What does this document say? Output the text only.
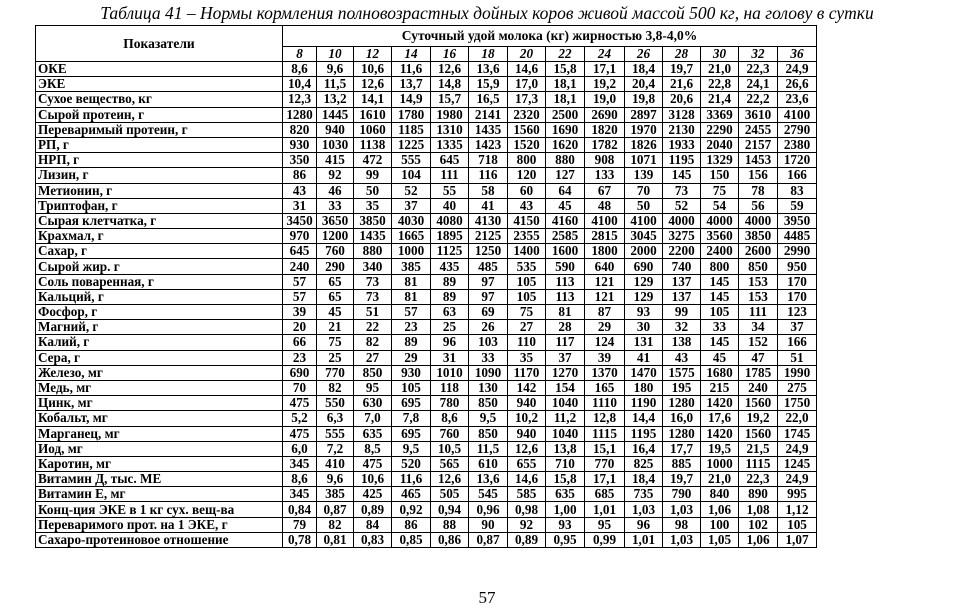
Таблица 41 – Нормы кормления полновозрастных дойных коров живой массой 500 кг, на голову в сутки
Показатели	Суточный удой молока (кг) жирностью 3,8-4,0%													
	8	10	12	14	16	18	20	22	24	26	28	30	32	36
ОКЕ	8,6	9,6	10,6	11,6	12,6	13,6	14,6	15,8	17,1	18,4	19,7	21,0	22,3	24,9
ЭКЕ	10,4	11,5	12,6	13,7	14,8	15,9	17,0	18,1	19,2	20,4	21,6	22,8	24,1	26,6
Сухое вещество, кг	12,3	13,2	14,1	14,9	15,7	16,5	17,3	18,1	19,0	19,8	20,6	21,4	22,2	23,6
Сырой протеин, г	1280	1445	1610	1780	1980	2141	2320	2500	2690	2897	3128	3369	3610	4100
Переваримый протеин, г	820	940	1060	1185	1310	1435	1560	1690	1820	1970	2130	2290	2455	2790
РП, г	930	1030	1138	1225	1335	1423	1520	1620	1782	1826	1933	2040	2157	2380
НРП, г	350	415	472	555	645	718	800	880	908	1071	1195	1329	1453	1720
Лизин, г	86	92	99	104	111	116	120	127	133	139	145	150	156	166
Метионин, г	43	46	50	52	55	58	60	64	67	70	73	75	78	83
Триптофан, г	31	33	35	37	40	41	43	45	48	50	52	54	56	59
Сырая клетчатка, г	3450	3650	3850	4030	4080	4130	4150	4160	4100	4100	4000	4000	4000	3950
Крахмал, г	970	1200	1435	1665	1895	2125	2355	2585	2815	3045	3275	3560	3850	4485
Сахар, г	645	760	880	1000	1125	1250	1400	1600	1800	2000	2200	2400	2600	2990
Сырой жир. г	240	290	340	385	435	485	535	590	640	690	740	800	850	950
Соль поваренная, г	57	65	73	81	89	97	105	113	121	129	137	145	153	170
Кальций, г	57	65	73	81	89	97	105	113	121	129	137	145	153	170
Фосфор, г	39	45	51	57	63	69	75	81	87	93	99	105	111	123
Магний, г	20	21	22	23	25	26	27	28	29	30	32	33	34	37
Калий, г	66	75	82	89	96	103	110	117	124	131	138	145	152	166
Сера, г	23	25	27	29	31	33	35	37	39	41	43	45	47	51
Железо, мг	690	770	850	930	1010	1090	1170	1270	1370	1470	1575	1680	1785	1990
Медь, мг	70	82	95	105	118	130	142	154	165	180	195	215	240	275
Цинк, мг	475	550	630	695	780	850	940	1040	1110	1190	1280	1420	1560	1750
Кобальт, мг	5,2	6,3	7,0	7,8	8,6	9,5	10,2	11,2	12,8	14,4	16,0	17,6	19,2	22,0
Марганец, мг	475	555	635	695	760	850	940	1040	1115	1195	1280	1420	1560	1745
Иод, мг	6,0	7,2	8,5	9,5	10,5	11,5	12,6	13,8	15,1	16,4	17,7	19,5	21,5	24,9
Каротин, мг	345	410	475	520	565	610	655	710	770	825	885	1000	1115	1245
Витамин Д, тыс. МЕ	8,6	9,6	10,6	11,6	12,6	13,6	14,6	15,8	17,1	18,4	19,7	21,0	22,3	24,9
Витамин Е, мг	345	385	425	465	505	545	585	635	685	735	790	840	890	995
Конц-ция ЭКЕ в 1 кг сух. вещ-ва	0,84	0,87	0,89	0,92	0,94	0,96	0,98	1,00	1,01	1,03	1,03	1,06	1,08	1,12
Переваримого прот. на 1 ЭКЕ, г	79	82	84	86	88	90	92	93	95	96	98	100	102	105
Сахаро-протеиновое отношение	0,78	0,81	0,83	0,85	0,86	0,87	0,89	0,95	0,99	1,01	1,03	1,05	1,06	1,07
57
